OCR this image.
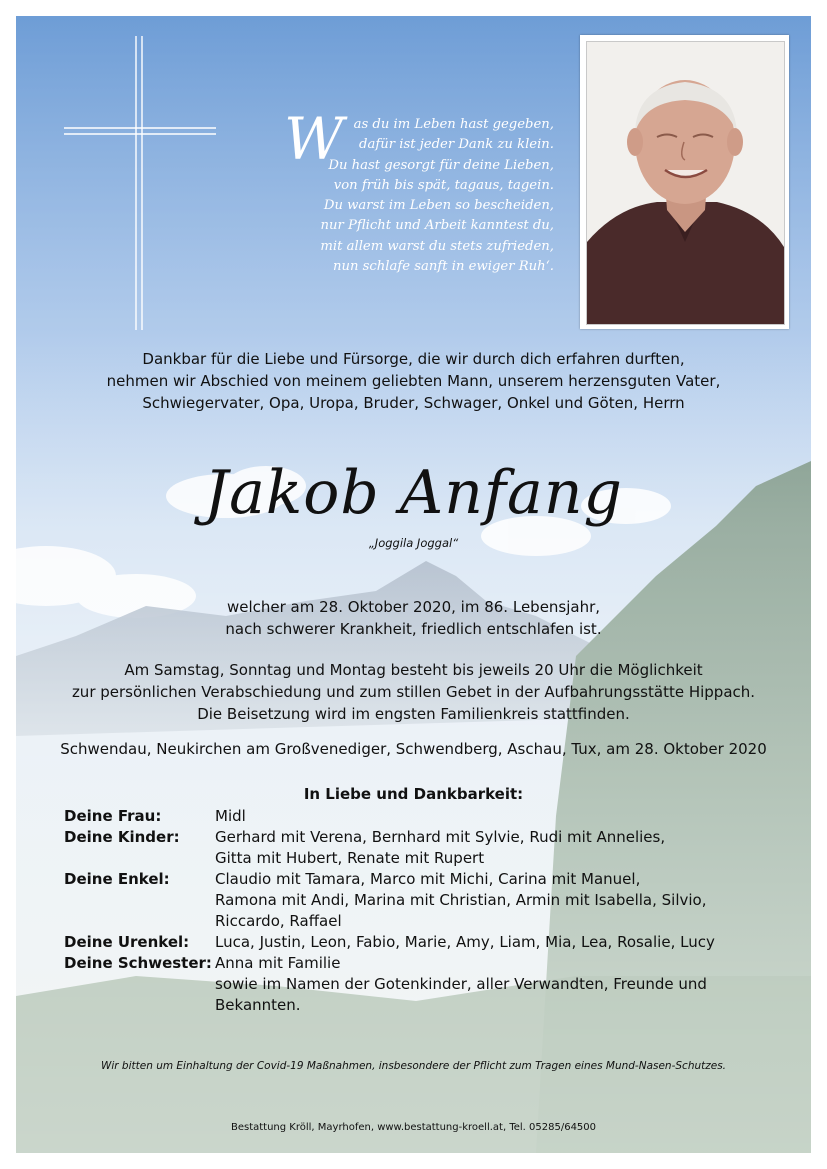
W as du im Leben hast gegeben,
dafür ist jeder Dank zu klein.
Du hast gesorgt für deine Lieben,
von früh bis spät, tagaus, tagein.
Du warst im Leben so bescheiden,
nur Pflicht und Arbeit kanntest du,
mit allem warst du stets zufrieden,
nun schlafe sanft in ewiger Ruh‘.
Dankbar für die Liebe und Fürsorge, die wir durch dich erfahren durften,
nehmen wir Abschied von meinem geliebten Mann, unserem herzensguten Vater,
Schwiegervater, Opa, Uropa, Bruder, Schwager, Onkel und Göten, Herrn
Jakob Anfang
„Joggila Joggal“
welcher am 28. Oktober 2020, im 86. Lebensjahr,
nach schwerer Krankheit, friedlich entschlafen ist.
Am Samstag, Sonntag und Montag besteht bis jeweils 20 Uhr die Möglichkeit
zur persönlichen Verabschiedung und zum stillen Gebet in der Aufbahrungsstätte Hippach.
Die Beisetzung wird im engsten Familienkreis stattfinden.
Schwendau, Neukirchen am Großvenediger, Schwendberg, Aschau, Tux, am 28. Oktober 2020
In Liebe und Dankbarkeit:
Deine Frau:	Midl
Deine Kinder:	Gerhard mit Verena, Bernhard mit Sylvie, Rudi mit Annelies,
Gitta mit Hubert, Renate mit Rupert
Deine Enkel:	Claudio mit Tamara, Marco mit Michi, Carina mit Manuel,
Ramona mit Andi, Marina mit Christian, Armin mit Isabella, Silvio,
Riccardo, Raffael
Deine Urenkel:	Luca, Justin, Leon, Fabio, Marie, Amy, Liam, Mia, Lea, Rosalie, Lucy
Deine Schwester: Anna mit Familie
sowie im Namen der Gotenkinder, aller Verwandten, Freunde und
Bekannten.
Wir bitten um Einhaltung der Covid-19 Maßnahmen, insbesondere der Pflicht zum Tragen eines Mund-Nasen-Schutzes.
Bestattung Kröll, Mayrhofen, www.bestattung-kroell.at, Tel. 05285/64500
